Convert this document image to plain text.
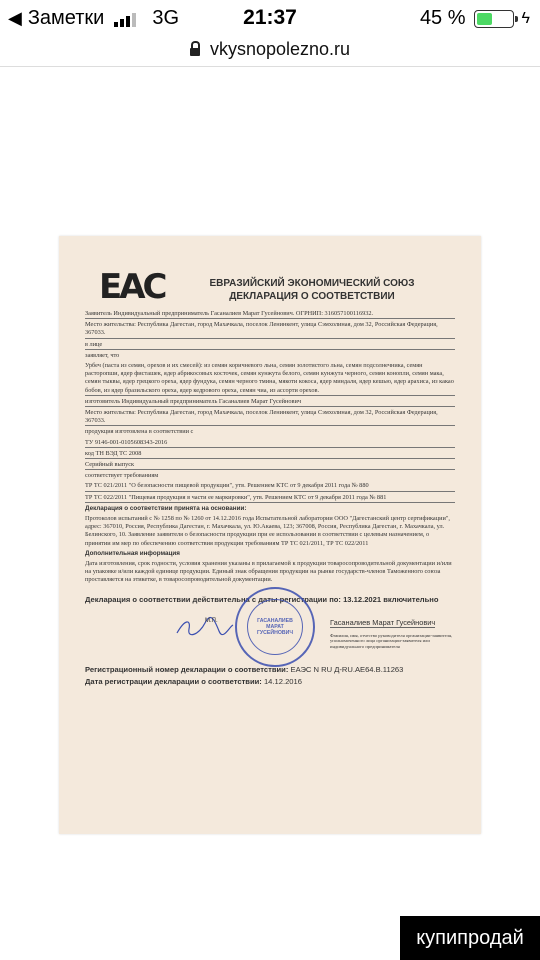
◀ Заметки 3G	21:37	45 %	ϟ
vkysnopolezno.ru
EAC	ЕВРАЗИЙСКИЙ ЭКОНОМИЧЕСКИЙ СОЮЗ
ДЕКЛАРАЦИЯ О СООТВЕТСТВИИ

Заявитель Индивидуальный предприниматель Гасаналиев Марат Гусейнович. ОГРНИП: 316057100116932.

Место жительства: Республика Дагестан, город Махачкала, поселок Ленинкент, улица Сэмхолиная, дом 32, Российская Федерация, 367033.

в лице

заявляет, что

Урбеч (паста из семян, орехов и их смесей): из семян коричневого льна, семян золотистого льна, семян подсолнечника, семян расторопши, ядер фисташек, ядер абрикосовых косточек, семян кунжута белого, семян кунжута черного, семян конопли, семян мака, семян тыквы, ядер грецкого ореха, ядер фундука, семян черного тмина, мякоти кокоса, ядер миндаля, ядер кешью, ядер арахиса, из какао бобов, из ядер бразильского ореха, ядер кедрового ореха, семян чиа, из ассорти орехов.

изготовитель Индивидуальный предприниматель Гасаналиев Марат Гусейнович

Место жительства: Республика Дагестан, город Махачкала, поселок Ленинкент, улица Сэмхолиная, дом 32, Российская Федерация, 367033.

продукция изготовлена в соответствии с

ТУ 9146-001-0105608343-2016

код ТН ВЭД ТС 2008

Серийный выпуск

соответствует требованиям

ТР ТС 021/2011 "О безопасности пищевой продукции", утв. Решением КТС от 9 декабря 2011 года № 880

ТР ТС 022/2011 "Пищевая продукция в части ее маркировки", утв. Решением КТС от 9 декабря 2011 года № 881

Декларация о соответствии принята на основании:

Протоколов испытаний с № 1258 по № 1260 от 14.12.2016 года Испытательной лаборатории ООО "Дагестанский центр сертификации", адрес: 367010, Россия, Республика Дагестан, г. Махачкала, ул. Ю.Акаева, 123; 367008, Россия, Республика Дагестан, г. Махачкала, ул. Белинского, 10. Заявление заявителя о безопасности продукции при ее использовании в соответствии с целевым назначением, о принятии им мер по обеспечению соответствия продукции требованиям ТР ТС 021/2011, ТР ТС 022/2011

Дополнительная информация

Дата изготовления, срок годности, условия хранения указаны в прилагаемой к продукции товаросопроводительной документации и/или на упаковке и/или каждой единице продукции. Единый знак обращения продукции на рынке государств-членов Таможенного союза проставляется на этикетке, в товаросопроводительной документации.

Декларация о соответствии действительна с даты регистрации по: 13.12.2021 включительно

М.П.	ГАСАНАЛИЕВ МАРАТ ГУСЕЙНОВИЧ
Гасаналиев Марат Гусейнович
Фамилия, имя, отчество руководителя организации-заявителя, уполномоченного лица организации-заявителя или индивидуального предпринимателя

Регистрационный номер декларации о соответствии: ЕАЭС N RU Д-RU.АЕ64.В.11263

Дата регистрации декларации о соответствии: 14.12.2016

купипродай
